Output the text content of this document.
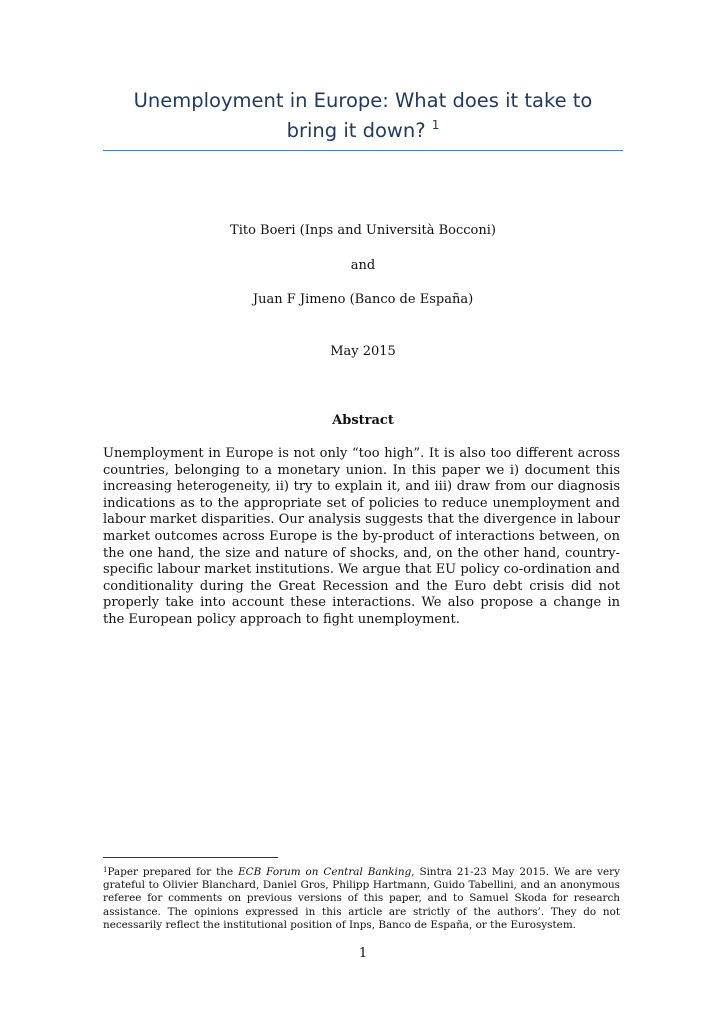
Unemployment in Europe: What does it take to
bring it down? $^1$
Tito Boeri (Inps and Università Bocconi)
and
Juan F Jimeno (Banco de España)
May 2015
Abstract

Unemployment in Europe is not only “too high”. It is also too different across countries, belonging to a monetary union. In this paper we i) document this increasing heterogeneity, ii) try to explain it, and iii) draw from our diagnosis indications as to the appropriate set of policies to reduce unemployment and labour market disparities. Our analysis suggests that the divergence in labour market outcomes across Europe is the by-product of interactions between, on the one hand, the size and nature of shocks, and, on the other hand, country-specific labour market institutions. We argue that EU policy co-ordination and conditionality during the Great Recession and the Euro debt crisis did not properly take into account these interactions. We also propose a change in the European policy approach to fight unemployment.

$^1$Paper prepared for the ECB Forum on Central Banking, Sintra 21-23 May 2015. We are very grateful to Olivier Blanchard, Daniel Gros, Philipp Hartmann, Guido Tabellini, and an anonymous referee for comments on previous versions of this paper, and to Samuel Skoda for research assistance. The opinions expressed in this article are strictly of the authors’. They do not necessarily reflect the institutional position of Inps, Banco de España, or the Eurosystem.

1
